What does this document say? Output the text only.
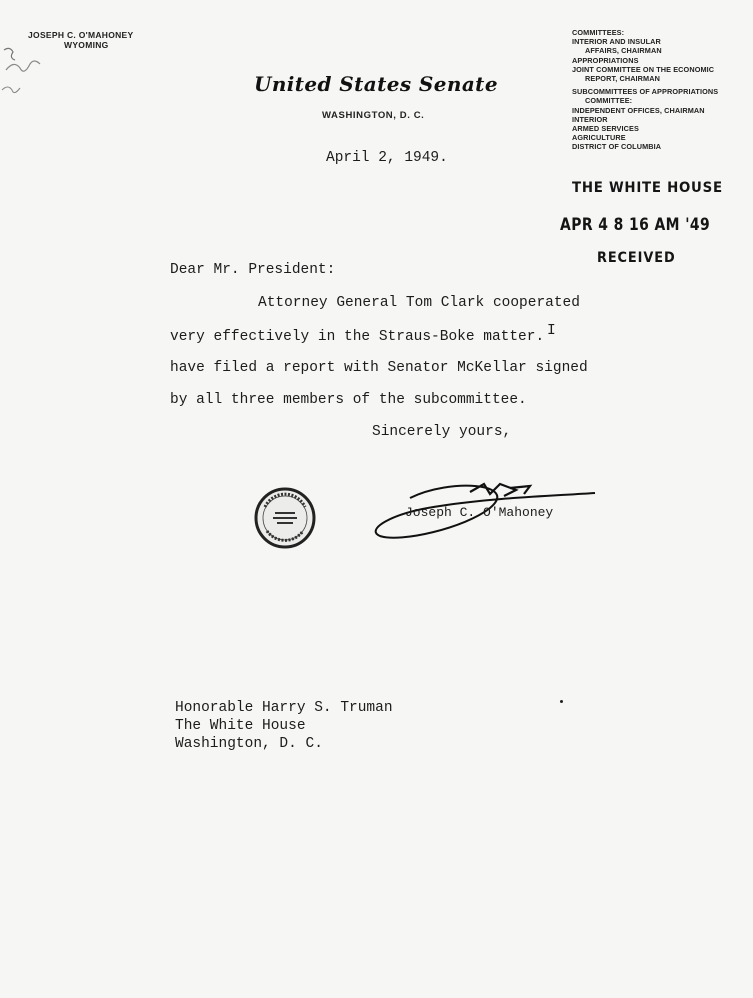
JOSEPH C. O'MAHONEY
WYOMING
United States Senate
WASHINGTON, D. C.
COMMITTEES:
INTERIOR AND INSULAR
AFFAIRS, CHAIRMAN
APPROPRIATIONS
JOINT COMMITTEE ON THE ECONOMIC
REPORT, CHAIRMAN
SUBCOMMITTEES OF APPROPRIATIONS
COMMITTEE:
INDEPENDENT OFFICES, CHAIRMAN
INTERIOR
ARMED SERVICES
AGRICULTURE
DISTRICT OF COLUMBIA
April 2, 1949.
THE WHITE HOUSE
APR 4 8 16 AM '49
RECEIVED
Dear Mr. President:
Attorney General Tom Clark cooperated
very effectively in the Straus-Boke matter. I
have filed a report with Senator McKellar signed
by all three members of the subcommittee.
Sincerely yours,
Joseph C. O'Mahoney
Honorable Harry S. Truman
The White House
Washington, D. C.
